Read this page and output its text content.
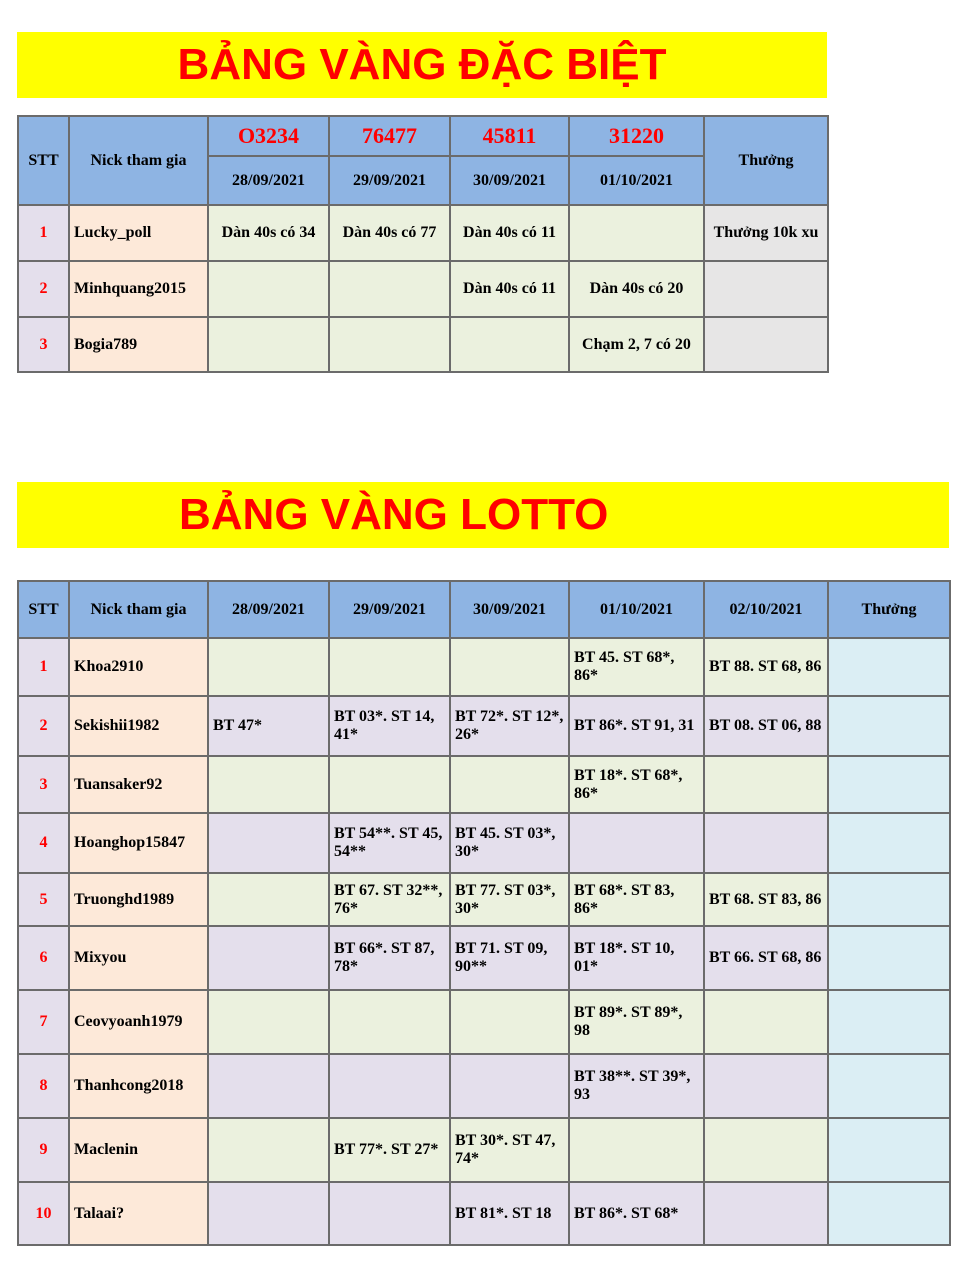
BẢNG VÀNG ĐẶC BIỆT
STT	Nick tham gia	O3234	76477	45811	31220	Thưởng
		28/09/2021	29/09/2021	30/09/2021	01/10/2021	
1	Lucky_poll	Dàn 40s có 34	Dàn 40s có 77	Dàn 40s có 11		Thưởng 10k xu
2	Minhquang2015			Dàn 40s có 11	Dàn 40s có 20	
3	Bogia789				Chạm 2, 7 có 20	
BẢNG VÀNG LOTTO
STT	Nick tham gia	28/09/2021	29/09/2021	30/09/2021	01/10/2021	02/10/2021	Thưởng
1	Khoa2910				BT 45. ST 68*, 86*	BT 88. ST 68, 86	
2	Sekishii1982	BT 47*	BT 03*. ST 14, 41*	BT 72*. ST 12*, 26*	BT 86*. ST 91, 31	BT 08. ST 06, 88	
3	Tuansaker92				BT 18*. ST 68*, 86*		
4	Hoanghop15847		BT 54**. ST 45, 54**	BT 45. ST 03*, 30*			
5	Truonghd1989		BT 67. ST 32**, 76*	BT 77. ST 03*, 30*	BT 68*. ST 83, 86*	BT 68. ST 83, 86	
6	Mixyou		BT 66*. ST 87, 78*	BT 71. ST 09, 90**	BT 18*. ST 10, 01*	BT 66. ST 68, 86	
7	Ceovyoanh1979				BT 89*. ST 89*, 98		
8	Thanhcong2018				BT 38**. ST 39*, 93		
9	Maclenin		BT 77*. ST 27*	BT 30*. ST 47, 74*			
10	Talaai?			BT 81*. ST 18	BT 86*. ST 68*		
